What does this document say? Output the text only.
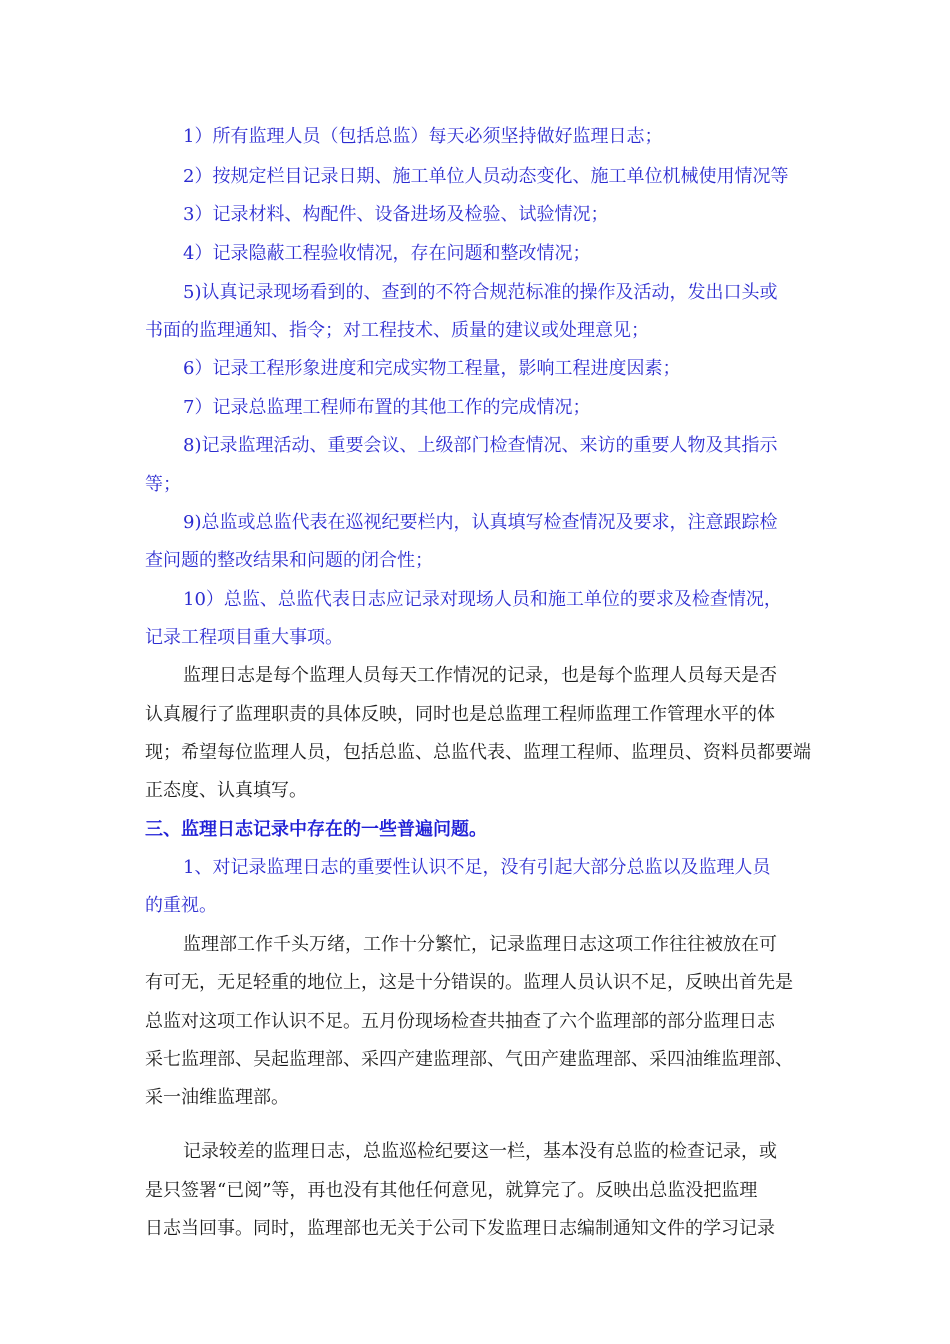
1）所有监理人员（包括总监）每天必须坚持做好监理日志；

2）按规定栏目记录日期、施工单位人员动态变化、施工单位机械使用情况等

3）记录材料、构配件、设备进场及检验、试验情况；

4）记录隐蔽工程验收情况，存在问题和整改情况；

5)认真记录现场看到的、查到的不符合规范标准的操作及活动，发出口头或

书面的监理通知、指令；对工程技术、质量的建议或处理意见；

6）记录工程形象进度和完成实物工程量，影响工程进度因素；

7）记录总监理工程师布置的其他工作的完成情况；

8)记录监理活动、重要会议、上级部门检查情况、来访的重要人物及其指示

等；

9)总监或总监代表在巡视纪要栏内，认真填写检查情况及要求，注意跟踪检

查问题的整改结果和问题的闭合性；

10）总监、总监代表日志应记录对现场人员和施工单位的要求及检查情况，

记录工程项目重大事项。

监理日志是每个监理人员每天工作情况的记录，也是每个监理人员每天是否

认真履行了监理职责的具体反映，同时也是总监理工程师监理工作管理水平的体

现；希望每位监理人员，包括总监、总监代表、监理工程师、监理员、资料员都要端

正态度、认真填写。

三、监理日志记录中存在的一些普遍问题。

1、对记录监理日志的重要性认识不足，没有引起大部分总监以及监理人员

的重视。

监理部工作千头万绪，工作十分繁忙，记录监理日志这项工作往往被放在可

有可无，无足轻重的地位上，这是十分错误的。监理人员认识不足，反映出首先是

总监对这项工作认识不足。五月份现场检查共抽查了六个监理部的部分监理日志

采七监理部、吴起监理部、采四产建监理部、气田产建监理部、采四油维监理部、

采一油维监理部。

记录较差的监理日志，总监巡检纪要这一栏，基本没有总监的检查记录，或

是只签署“已阅”等，再也没有其他任何意见，就算完了。反映出总监没把监理

日志当回事。同时，监理部也无关于公司下发监理日志编制通知文件的学习记录
